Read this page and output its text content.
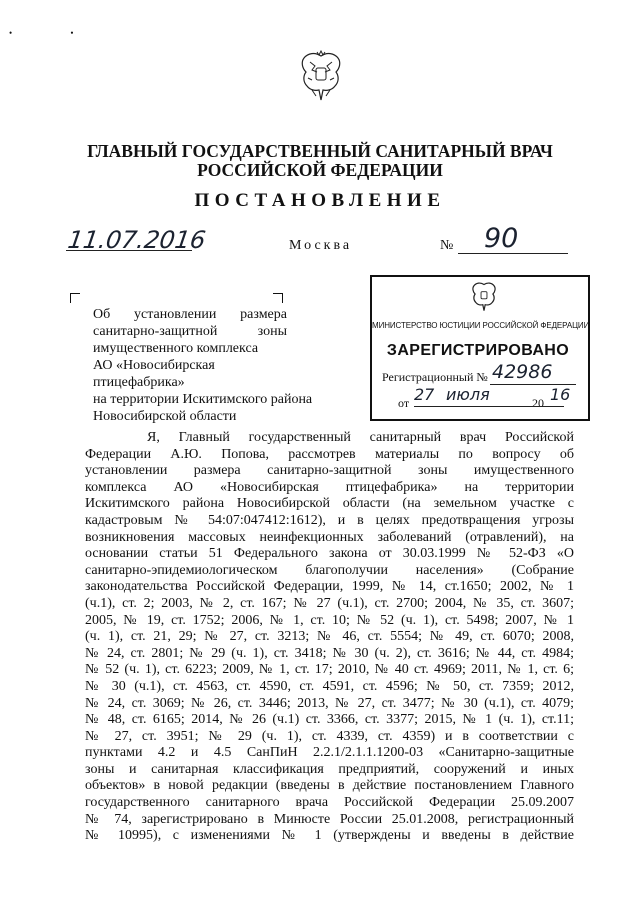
• •
ГЛАВНЫЙ ГОСУДАРСТВЕННЫЙ САНИТАРНЫЙ ВРАЧ
РОССИЙСКОЙ ФЕДЕРАЦИИ
ПОСТАНОВЛЕНИЕ
11.07.2016	Москва	№ 90
Об установлении размера
санитарно-защитной зоны
имущественного комплекса
АО «Новосибирская птицефабрика»
на территории Искитимского района
Новосибирской области
МИНИСТЕРСТВО ЮСТИЦИИ РОССИЙСКОЙ ФЕДЕРАЦИИ
ЗАРЕГИСТРИРОВАНО
Регистрационный № 42986
от 27 июля	20 16
Я, Главный государственный санитарный врач Российской
Федерации А.Ю. Попова, рассмотрев материалы по вопросу об
установлении размера санитарно-защитной зоны имущественного
комплекса АО «Новосибирская птицефабрика» на территории
Искитимского района Новосибирской области (на земельном участке с
кадастровым № 54:07:047412:1612), и в целях предотвращения угрозы
возникновения массовых неинфекционных заболеваний (отравлений), на
основании статьи 51 Федерального закона от 30.03.1999 № 52-ФЗ «О
санитарно-эпидемиологическом благополучии населения» (Собрание
законодательства Российской Федерации, 1999, № 14, ст.1650; 2002, № 1
(ч.1), ст. 2; 2003, № 2, ст. 167; № 27 (ч.1), ст. 2700; 2004, № 35, ст. 3607;
2005, № 19, ст. 1752; 2006, № 1, ст. 10; № 52 (ч. 1), ст. 5498; 2007, № 1
(ч. 1), ст. 21, 29; № 27, ст. 3213; № 46, ст. 5554; № 49, ст. 6070; 2008,
№ 24, ст. 2801; № 29 (ч. 1), ст. 3418; № 30 (ч. 2), ст. 3616; № 44, ст. 4984;
№ 52 (ч. 1), ст. 6223; 2009, № 1, ст. 17; 2010, № 40 ст. 4969; 2011, № 1, ст. 6;
№ 30 (ч.1), ст. 4563, ст. 4590, ст. 4591, ст. 4596; № 50, ст. 7359; 2012,
№ 24, ст. 3069; № 26, ст. 3446; 2013, № 27, ст. 3477; № 30 (ч.1), ст. 4079;
№ 48, ст. 6165; 2014, № 26 (ч.1) ст. 3366, ст. 3377; 2015, № 1 (ч. 1), ст.11;
№ 27, ст. 3951; № 29 (ч. 1), ст. 4339, ст. 4359) и в соответствии с
пунктами 4.2 и 4.5 СанПиН 2.2.1/2.1.1.1200-03 «Санитарно-защитные
зоны и санитарная классификация предприятий, сооружений и иных
объектов» в новой редакции (введены в действие постановлением Главного
государственного санитарного врача Российской Федерации 25.09.2007
№ 74, зарегистрировано в Минюсте России 25.01.2008, регистрационный
№ 10995), с изменениями № 1 (утверждены и введены в действие
